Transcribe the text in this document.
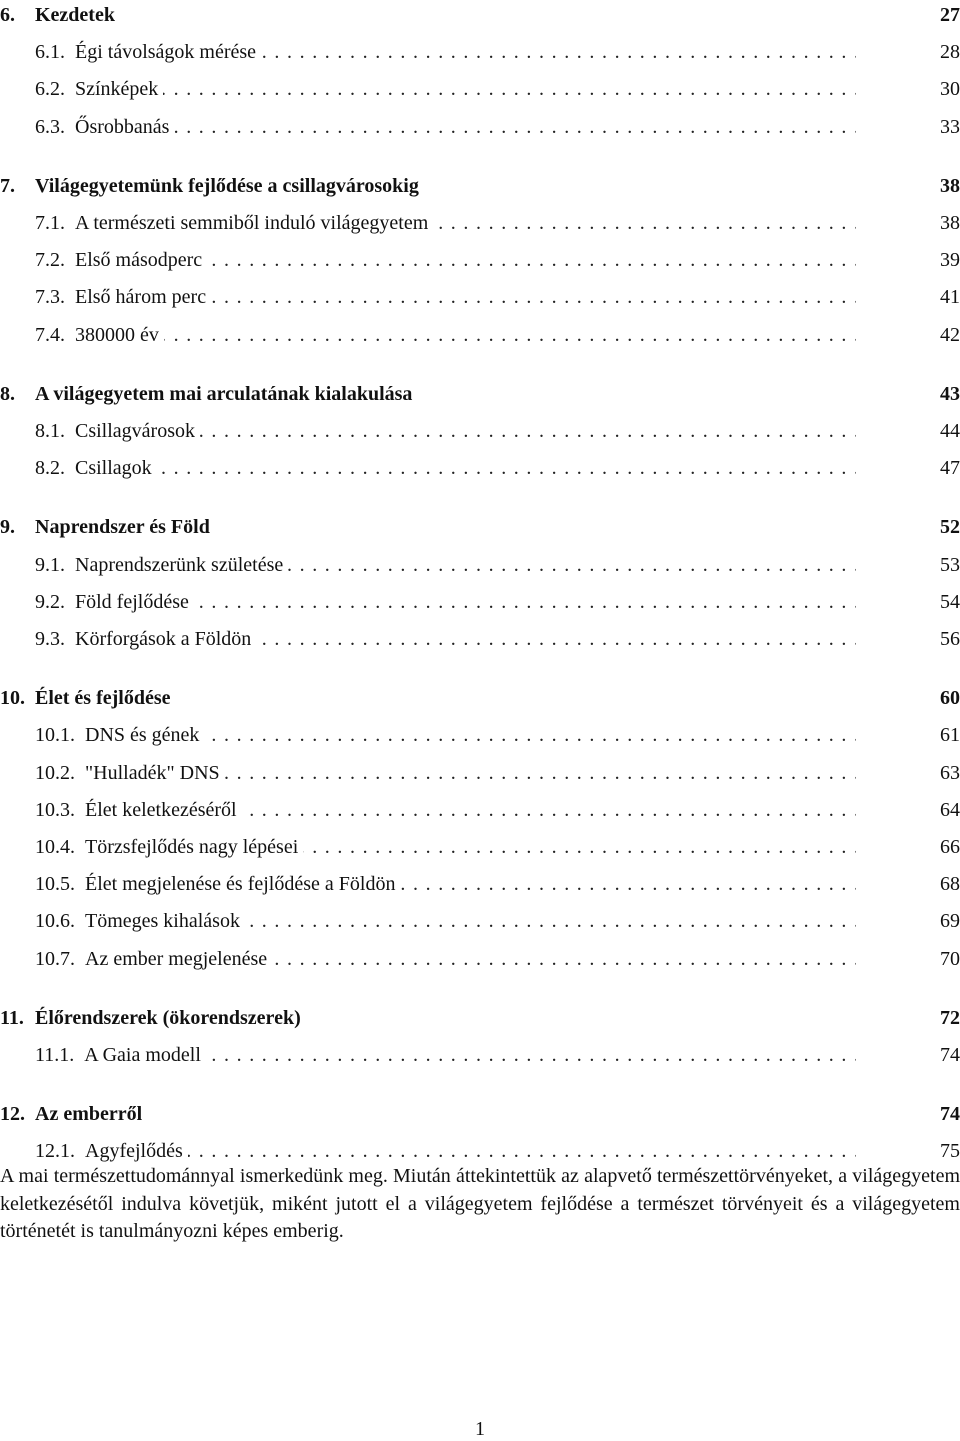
6. Kezdetek	27
. . .
6.1.  Égi távolságok mérése	28
. . .
6.2.  Színképek	30
. . .
6.3.  Ősrobbanás	33
7. Világegyetemünk fejlődése a csillagvárosokig	38
. . .
7.1.  A természeti semmiből induló világegyetem	38
. . .
7.2.  Első másodperc	39
. . .
7.3.  Első három perc	41
. . .
7.4.  380000 év	42
8. A világegyetem mai arculatának kialakulása	43
. . .
8.1.  Csillagvárosok	44
. . .
8.2.  Csillagok	47
9. Naprendszer és Föld	52
. . .
9.1.  Naprendszerünk születése	53
. . .
9.2.  Föld fejlődése	54
. . .
9.3.  Körforgások a Földön	56
10. Élet és fejlődése	60
. . .
10.1.  DNS és gének	61
. . .
10.2.  "Hulladék" DNS	63
. . .
10.3.  Élet keletkezéséről	64
. . .
10.4.  Törzsfejlődés nagy lépései	66
. . .
10.5.  Élet megjelenése és fejlődése a Földön	68
. . .
10.6.  Tömeges kihalások	69
. . .
10.7.  Az ember megjelenése	70
11. Élőrendszerek (ökorendszerek)	72
. . .
11.1.  A Gaia modell	74
12. Az emberről	74
. . .
12.1.  Agyfejlődés	75

A mai természettudománnyal ismerkedünk meg. Miután áttekintettük az alapvető természettörvényeket, a világegyetem keletkezésétől indulva követjük, miként jutott el a világegyetem fejlődése a természet törvényeit és a világegyetem történetét is tanulmányozni képes emberig.

1
